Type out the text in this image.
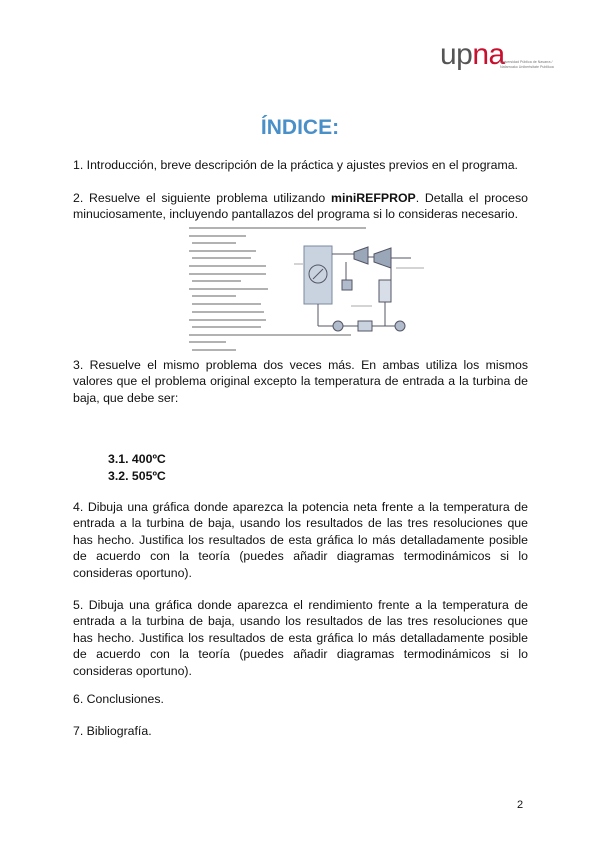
upna
Universidad Pública de Navarra / Nafarroako Unibertsitate Publikoa
ÍNDICE:
1. Introducción, breve descripción de la práctica y ajustes previos en el programa.
2. Resuelve el siguiente problema utilizando miniREFPROP. Detalla el proceso minuciosamente, incluyendo pantallazos del programa si lo consideras necesario.
3. Resuelve el mismo problema dos veces más. En ambas utiliza los mismos valores que el problema original excepto la temperatura de entrada a la turbina de baja, que debe ser:
3.1. 400ºC
3.2. 505ºC
4. Dibuja una gráfica donde aparezca la potencia neta frente a la temperatura de entrada a la turbina de baja, usando los resultados de las tres resoluciones que has hecho. Justifica los resultados de esta gráfica lo más detalladamente posible de acuerdo con la teoría (puedes añadir diagramas termodinámicos si lo consideras oportuno).
5. Dibuja una gráfica donde aparezca el rendimiento frente a la temperatura de entrada a la turbina de baja, usando los resultados de las tres resoluciones que has hecho. Justifica los resultados de esta gráfica lo más detalladamente posible de acuerdo con la teoría (puedes añadir diagramas termodinámicos si lo consideras oportuno).
6. Conclusiones.
7. Bibliografía.
2
